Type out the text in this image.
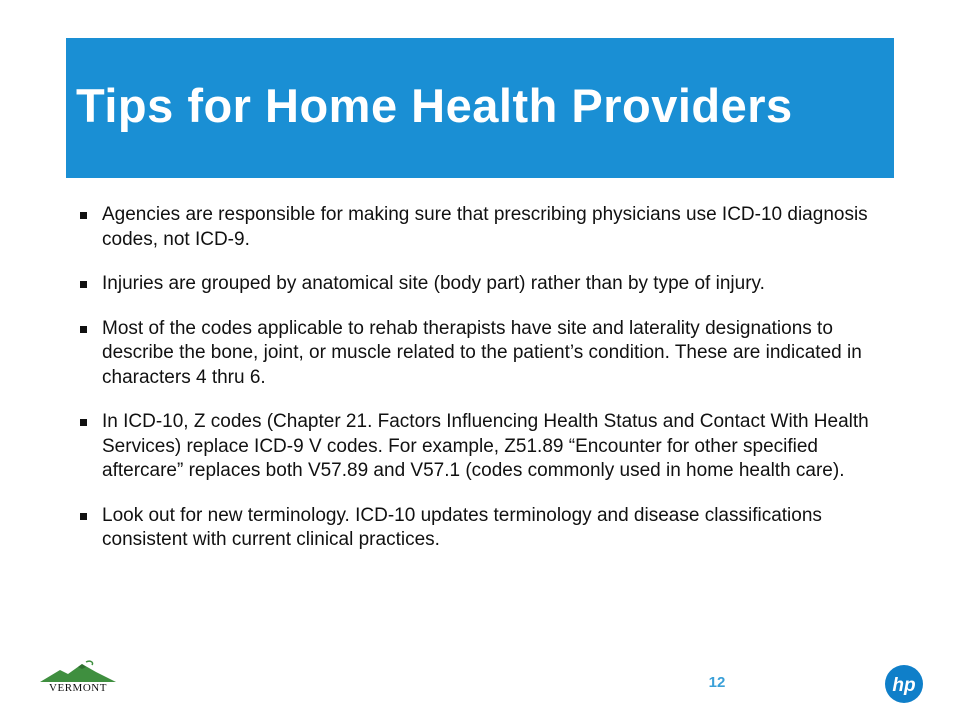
Tips for Home Health Providers
Agencies are responsible for making sure that prescribing physicians use ICD-10 diagnosis codes, not ICD-9.
Injuries are grouped by anatomical site (body part) rather than by type of injury.
Most of the codes applicable to rehab therapists have site and laterality designations to describe the bone, joint, or muscle related to the patient’s condition. These are indicated in characters 4 thru 6.
In ICD-10, Z codes (Chapter 21. Factors Influencing Health Status and Contact With Health Services) replace ICD-9 V codes. For example, Z51.89 “Encounter for other specified aftercare” replaces both V57.89 and V57.1 (codes commonly used in home health care).
Look out for new terminology. ICD-10 updates terminology and disease classifications consistent with current clinical practices.
VERMONT	12	hp
